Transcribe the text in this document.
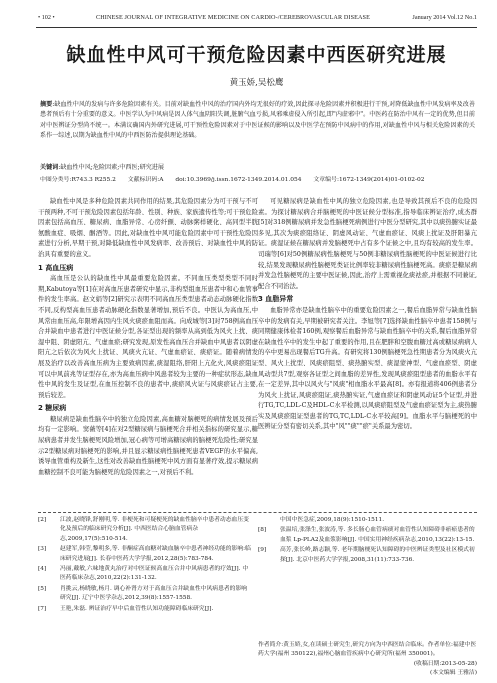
• 102 •	CHINESE JOURNAL OF INTEGRATIVE MEDICINE ON CARDIO-/CEREBROVASCULAR DISEASE	January 2014 Vol.12 No.1
缺血性中风可干预危险因素中西医研究进展
黄玉娇,吴松鹰
摘要:缺血性中风的发病与许多危险因素有关。目前对缺血性中风的治疗国内外均无很好的疗效,因此探寻危险因素并积极进行干预,对降低缺血性中风发病率及改善患者预后有十分重要的意义。中医学认为中风病是因人体气血阴阳失调,脏腑气血亏损,风邪乘虚侵入所引起,即"内虚邪中"。中医药在防治中风有一定的优势,但目前对中医辨证分型尚不统一。本满议确国内外研究进展,可干预性危险因素对于中医证候的影响以及中医学在预防中风病中的作用,对缺血性中风与相关危险因素的关系作一综述,以期为缺血性中风的中西医防治提供理论基础。
关键词:缺血性中风;危险因素;中西医;研究进展
中图分类号:R743.3 R255.2 文献标识码:A doi:10.3969/j.issn.1672-1349.2014.01.054 文章编号:1672-1349(2014)01-0102-02

缺血性中风是多种危险因素共同作用的结果,其危险因素分为可干预与不可干预两种,不可干预危险因素包括年龄、性别、种族、家族遗传性等;可干预危险因素包括高血压、糖尿病、血脂异常、心房纤颤、动脉粥样硬化、高同型半胱氨酸血症、吸烟、酗酒等。因此,对缺血性中风可能危险因素中可干预性危险因素进行分析,早期干预,对降低缺血性中风发病率、改善预后、对缺血性中风的防治具有重要的意义。

1 高血压病

高血压是公认的缺血性中风最重要危险因素。不同血压类型类型不同时期,Kabutoya等[1]在对高血压患者研究中显示,非构型组血压患者中和心血管事件的发生率高。赵文娟等[2]研究示表明不同高血压类型患者动态动脉硬化指数不同,反构型高血压患者动脉硬化指数显著增加,预后不良。中医认为高血压,中风常由血压高,年限增高因内生风火痰瘀血阻而高。向成城等[3]对758例高血压合并缺血中患者进行中医证候分型,各证型出现的频率从高到低为风火上扰、痰湿中阻、阴虚阳亢、气虚血瘀;研究发现,原发性高血压合并缺血中风患者以阴虚阳亢之后依次为风火上扰证、风痰火亢证、气虚血瘀证、痰瘀证。随着病情发展及治疗以改善高血压病为主要致病因素,痰湿阻络,肝阳上亢化火,风痰瘀阻证可以中风前兆等证型存在,亦为高血压病中风患者较为主要的一种症状形态,缺血性中风的发生及证型,在血压控制不良的患者中,痰瘀风火证与风痰瘀证占主要,预后较差。

2 糖尿病

糖尿病是缺血性脑卒中的独立危险因素,高血糖对脑梗死的病情发展及预后均有一定影响。窦薇等[4]在对2型糖尿病与脑梗死合并相关指标的研究显示,糖尿病患者并发生脑梗死风险增加,冠心病等可增高糖尿病的脑梗死危险性;研究显示2型糖尿病对脑梗死的影响,并且显示糖尿病性脑梗死患者VEGF的水平偏高,诱导血管重构及新生,这性对改善缺血性脑梗死中风方面有显著疗效,提示糖尿病血糖控制不良可能为脑梗死的危险因素之一,对预后不利。

可见糖尿病是缺血性中风的独立危险因素,也是导致其预后不良的危险因素。为探讨糖尿病合并脑梗死的中医证候分型标准,指导临床辨证治疗,成杰群[5]对318例糖尿病并发急性脑梗死病例进行中医分型研究,其中以痰热腑实证最多见,其次为痰瘀阻络证、阴虚风动证、气虚血瘀证、风痰上扰证及肝阳暴亢证。痰湿证候在糖尿病并发脑梗死中占有多个证候之中,且均有较高的发生率。司瑞等[6]对50例糖尿病性脑梗死与50例非糖尿病性脑梗死的中医证候进行比较,结果发现糖尿病性脑梗死类证比例率较非糖尿病性脑梗死高。痰瘀是糖尿病并发急性脑梗死的主要中医证候,因此,治疗上需重视化痰祛瘀,并根据不同兼证,配合不同治法。

3 血脂异常

血脂异常亦是缺血性脑卒中的重要危险因素之一,餐后血脂异常与缺血性脑卒中的发病有关,早期被研究者关注。李旭等[7]选择缺血性脑卒中患者158例与同期健康体检者160例,观察餐后血脂异常与缺血性脑卒中的关系,餐后血脂异常在缺血性卒中的发生中起了重要的作用,且在肥胖和空腹血糖过高或糖尿病病人的卒中更易出现餐后TG升高。有研究将130例脑梗死急性期患者分为风痰火亢型、风火上扰型、风痰瘀阻型、痰热腑实型、痰湿蒙神型、气虚血瘀型、阴虚风动型共7型,观察各证型之间血脂的差异性,发现风痰瘀阻型患者的血脂水平有在一定差异,其中以风火与"风痰"相血脂水平最高[8]。亦有报道将406例患者分为风火上扰证,风痰瘀阻证,痰热腑实证,气虚血瘀证和阴虚风动证5个证型,并进行TG,TC,LDL-C及HDL-C水平检测,以风痰瘀阻型及气虚血瘀证型为主,痰热腑实及风痰瘀阻证型患者的TG,TC,LDL-C水平较高[9]。血脂水平与脑梗死的中医辨证分型有密切关系,其中"风""痰""瘀"关系最为密切。

[2] 江波,赵晓锋,舒刚明,等. 非梗死和可疑梗死的缺血性脑卒中患者动态血压变化及预后的临床研究分析[J]. 中西医结合心脑血管病杂志,2009,17(5):510-514.
[3] 赵建军,韩莹,黎明多,等. 非酮症高血糖对缺血脑卒中患者神经功能的影响:临床研究进展[J]. 长春中医药大学学报,2012,28(5):783-784.
[4] 冯丽,戴敏,六味地黄丸治疗对中医证候高血压合并中风病患者的疗效[J]. 中医药临床杂志,2010,22(2):131-132.
[5] 肖挑云,杨晓敏,杨月. 调心补肾方对于高血压合并缺血性中风病患者的影响研究[J]. 辽宁中医学杂志,2012,39(8):1557-1558.
[7] 王艳,朱磊. 辨证治疗早中后血管性认知功能障碍临床研究[J].
中国中医急症,2009,18(9):1510-1511.
[8] 张温培,张涤生,张波涛,等. 多长肠心血管病痰对血管性认知障碍非瘀瘀患者的血浆 Lp-PLA2及血浆影响[J]. 中国实用神经疾病杂志,2010,13(22):13-15.
[9] 高芳,张长岭,路志颖,等. 老年期脑梗死认知障碍的中医辨证类型及社区模式初探[J]. 北京中医药大学学报,2008,31(11):733-736.
作者简介:黄玉娇,女,在读硕士研究生,研究方向为中西医结合临床。作者单位:福建中医药大学(福州 350122),福州心脑血管疾病中心研究所(福州 350001)。
(收稿日期:2013-05-28)
(本文编辑 王雅洁)
